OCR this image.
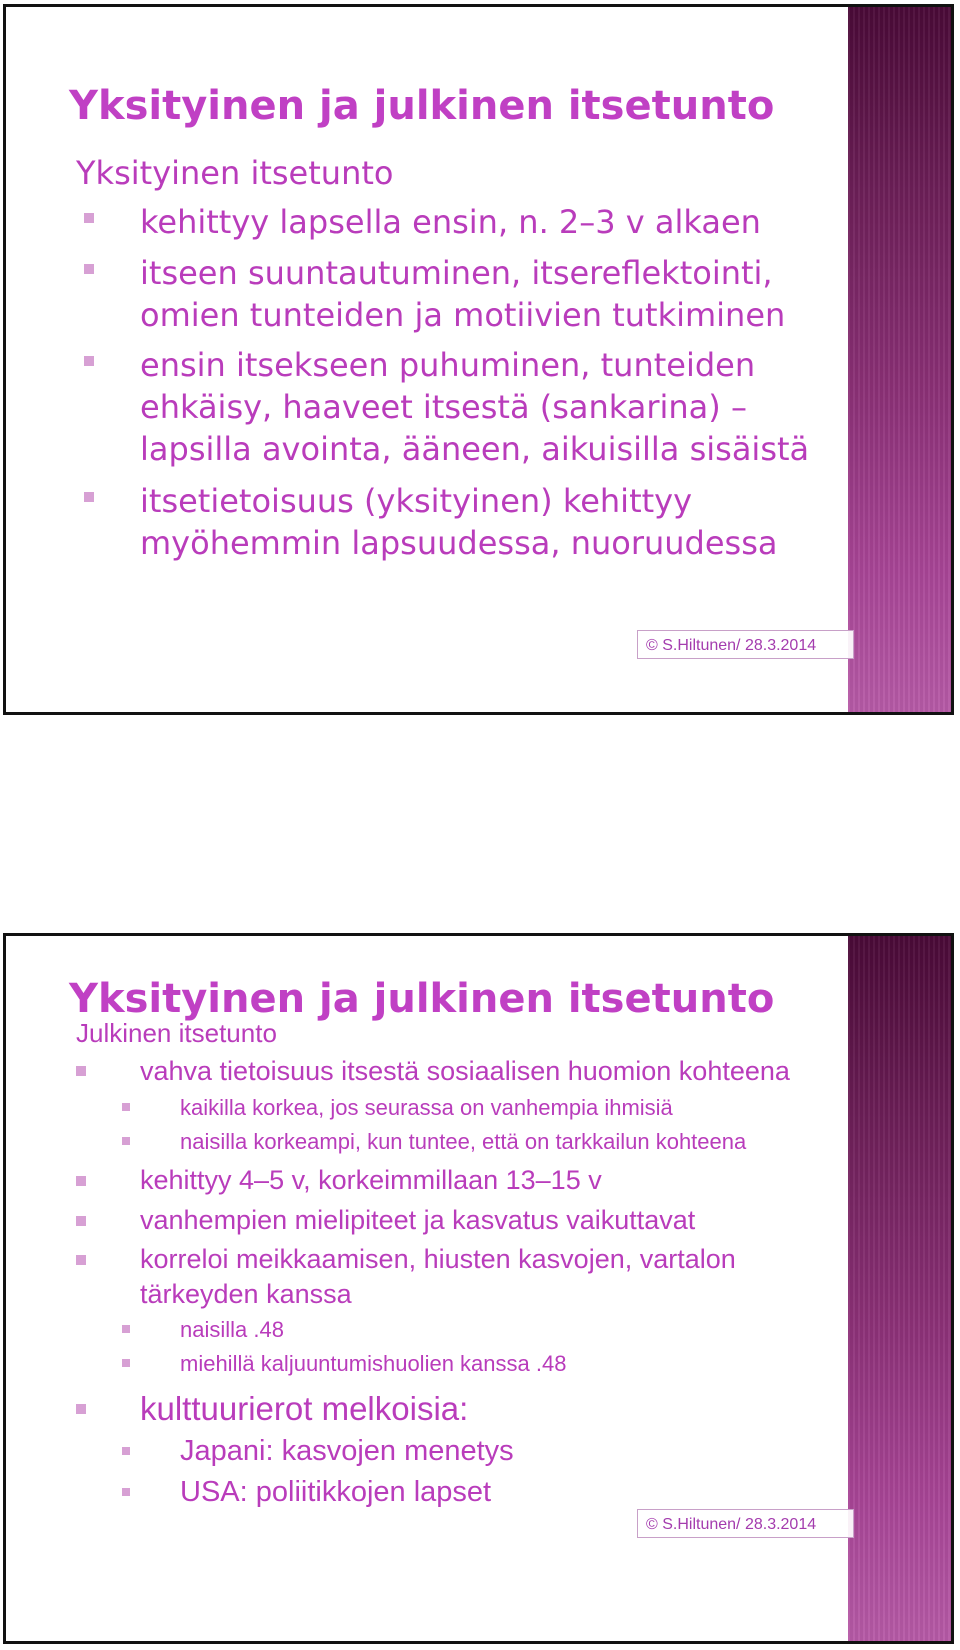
Yksityinen ja julkinen itsetunto
Yksityinen itsetunto
kehittyy lapsella ensin, n. 2–3 v alkaen
itseen suuntautuminen, itsereflektointi,
omien tunteiden ja motiivien tutkiminen
ensin itsekseen puhuminen, tunteiden
ehkäisy, haaveet itsestä (sankarina) –
lapsilla avointa, ääneen, aikuisilla sisäistä
itsetietoisuus (yksityinen) kehittyy
myöhemmin lapsuudessa, nuoruudessa
© S.Hiltunen/ 28.3.2014
Yksityinen ja julkinen itsetunto
Julkinen itsetunto
vahva tietoisuus itsestä sosiaalisen huomion kohteena
kaikilla korkea, jos seurassa on vanhempia ihmisiä
naisilla korkeampi, kun tuntee, että on tarkkailun kohteena
kehittyy 4–5 v, korkeimmillaan 13–15 v
vanhempien mielipiteet ja kasvatus vaikuttavat
korreloi meikkaamisen, hiusten kasvojen, vartalon
tärkeyden kanssa
naisilla .48
miehillä kaljuuntumishuolien kanssa .48
kulttuurierot melkoisia:
Japani: kasvojen menetys
USA: poliitikkojen lapset
© S.Hiltunen/ 28.3.2014
